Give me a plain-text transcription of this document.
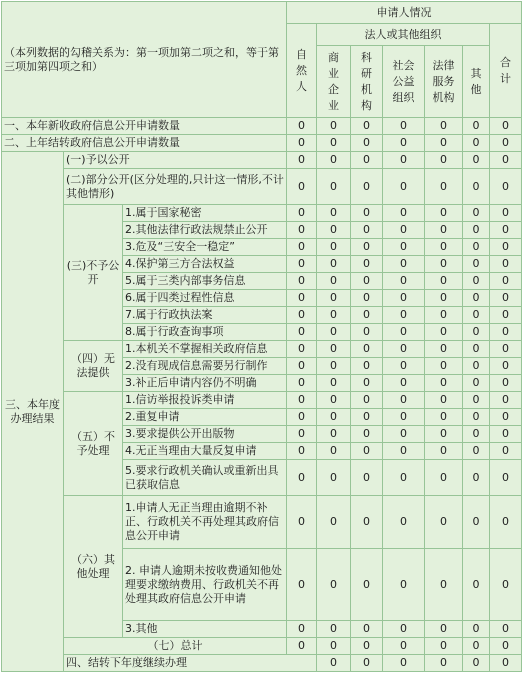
（本列数据的勾稽关系为：第一项加第二项之和，等于第三项加第四项之和）			申请人情况							
			自然人	法人或其他组织					合计	
				商业企业	科研机构	社会公益组织	法律服务机构	其他		
一、本年新收政府信息公开申请数量			0	0	0	0	0	0	0	
二、上年结转政府信息公开申请数量			0	0	0	0	0	0	0	
三、本年度办理结果	(一)予以公开		0	0	0	0	0	0	0	
	(二)部分公开(区分处理的,只计这一情形,不计其他情形)		0	0	0	0	0	0	0	
	(三)不予公开	1.属于国家秘密	0	0	0	0	0	0	0	
		2.其他法律行政法规禁止公开	0	0	0	0	0	0	0	
		3.危及“三安全一稳定”	0	0	0	0	0	0	0	
		4.保护第三方合法权益	0	0	0	0	0	0	0	
		5.属于三类内部事务信息	0	0	0	0	0	0	0	
		6.属于四类过程性信息	0	0	0	0	0	0	0	
		7.属于行政执法案	0	0	0	0	0	0	0	
		8.属于行政查询事项	0	0	0	0	0	0	0	
	（四）无法提供	1.本机关不掌握相关政府信息	0	0	0	0	0	0	0	
		2.没有现成信息需要另行制作	0	0	0	0	0	0	0	
		3.补正后申请内容仍不明确	0	0	0	0	0	0	0	
	（五）不予处理	1.信访举报投诉类申请	0	0	0	0	0	0	0	
		2.重复申请	0	0	0	0	0	0	0	
		3.要求提供公开出版物	0	0	0	0	0	0	0	
		4.无正当理由大量反复申请	0	0	0	0	0	0	0	
		5.要求行政机关确认或重新出具已获取信息	0	0	0	0	0	0	0	
	（六）其他处理	1.申请人无正当理由逾期不补正、行政机关不再处理其政府信息公开申请	0	0	0	0	0	0	0	
		2. 申请人逾期未按收费通知他处理要求缴纳费用、行政机关不再处理其政府信息公开申请	0	0	0	0	0	0	0	
		3.其他	0	0	0	0	0	0	0	
	（七）总计		0	0	0	0	0	0	0	
	四、结转下年度继续办理			0	0	0	0	0	0	
